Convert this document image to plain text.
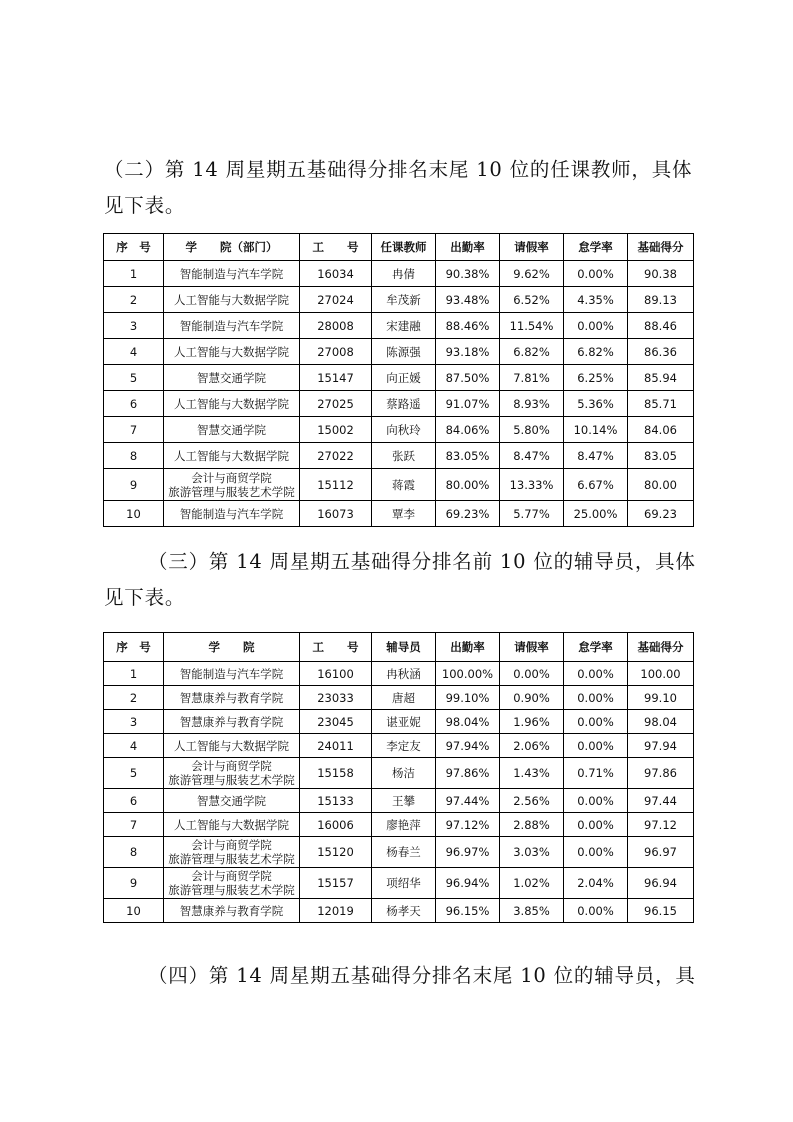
（二）第 14 周星期五基础得分排名末尾 10 位的任课教师，具体见下表。

序　号	学　　院（部门）	工　　号	任课教师	出勤率	请假率	怠学率	基础得分
1	智能制造与汽车学院	16034	冉倩	90.38%	9.62%	0.00%	90.38
2	人工智能与大数据学院	27024	牟茂新	93.48%	6.52%	4.35%	89.13
3	智能制造与汽车学院	28008	宋建融	88.46%	11.54%	0.00%	88.46
4	人工智能与大数据学院	27008	陈源强	93.18%	6.82%	6.82%	86.36
5	智慧交通学院	15147	向正媛	87.50%	7.81%	6.25%	85.94
6	人工智能与大数据学院	27025	蔡路遥	91.07%	8.93%	5.36%	85.71
7	智慧交通学院	15002	向秋玲	84.06%	5.80%	10.14%	84.06
8	人工智能与大数据学院	27022	张跃	83.05%	8.47%	8.47%	83.05
9	会计与商贸学院
旅游管理与服装艺术学院	15112	蒋霞	80.00%	13.33%	6.67%	80.00
10	智能制造与汽车学院	16073	覃李	69.23%	5.77%	25.00%	69.23

（三）第 14 周星期五基础得分排名前 10 位的辅导员，具体见下表。

序　号	学　　院	工　　号	辅导员	出勤率	请假率	怠学率	基础得分
1	智能制造与汽车学院	16100	冉秋涵	100.00%	0.00%	0.00%	100.00
2	智慧康养与教育学院	23033	唐超	99.10%	0.90%	0.00%	99.10
3	智慧康养与教育学院	23045	谌亚妮	98.04%	1.96%	0.00%	98.04
4	人工智能与大数据学院	24011	李定友	97.94%	2.06%	0.00%	97.94
5	会计与商贸学院
旅游管理与服装艺术学院	15158	杨洁	97.86%	1.43%	0.71%	97.86
6	智慧交通学院	15133	王攀	97.44%	2.56%	0.00%	97.44
7	人工智能与大数据学院	16006	廖艳萍	97.12%	2.88%	0.00%	97.12
8	会计与商贸学院
旅游管理与服装艺术学院	15120	杨春兰	96.97%	3.03%	0.00%	96.97
9	会计与商贸学院
旅游管理与服装艺术学院	15157	项绍华	96.94%	1.02%	2.04%	96.94
10	智慧康养与教育学院	12019	杨孝天	96.15%	3.85%	0.00%	96.15

（四）第 14 周星期五基础得分排名末尾 10 位的辅导员，具
